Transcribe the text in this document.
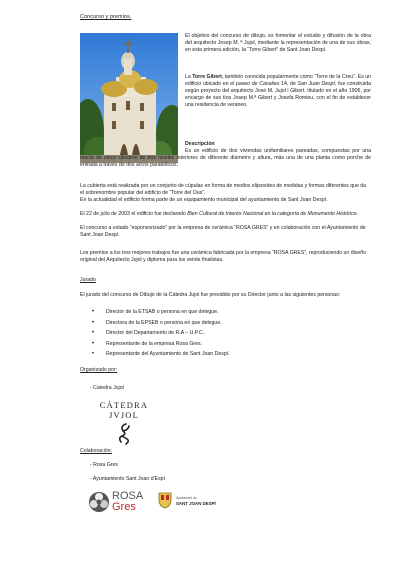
Concurso y premios.

El objetivo del concurso de dibujo, es fomentar el estudio y difusión de la obra del arquitecto Josep M. ª Jujol, mediante la representación de una de sus obras, en esta primera edición, la “Torre Gibert” de Sant Joan Despí.

La Torre Gibert, también conocida popularmente como “Torre de la Creu”. Es un edificio ubicado en el paseo de Canalies 14, de San Juan Despí, fue construida según proyecto del arquitecto José M. Jujol i Gibert, titulado en el año 1906, por encargo de sus tíos Josep M.ª Gibert y Josefa Romieu, con el fin de establecer una residencia de veraneo.

Descripción

Es un edificio de dos viviendas unifamiliares pareadas, compuestas por una macla de cinco cilindros de dos niveles interiores de diferente diámetro y altura, más una de una planta como porche de entrada a través de dos arcos parabólicos.

La cubierta está realizada por un conjunto de cúpulas en forma de medios elipsoides de medidas y formas diferentes que da el sobrenombre popular del edificio de “Torre del Ous”.

En la actualidad el edificio forma parte de un equipamiento municipal del ayuntamiento de Sant Joan Despí.

El 22 de julio de 2003 el edificio fue declarado Bien Cultural de Interés Nacional en la categoría de Monumento Histórico.

El concurso a estado “esponsorizado” por la empresa de cerámica “ROSA GRES” y en colaboración con el Ayuntamiento de Sant Joan Despí.

Los premios a los tres mejores trabajos fue una cerámica fabricada por la empresa “ROSA GRES”, reproduciendo un diseño original del Arquitecto Jujol y diploma para los veinte finalistas.

Jurado

El jurado del concurso de Dibujo de la Cátedra Jujol fue presidido por su Director junto a las siguientes personas:

• Director de la ETSAB o persona en que delegue.
• Directora de la EPSEB o persona en que delegue.
• Director del Departamento de R.A – U.P.C.
• Representante de la empresa Rosa Gres.
• Representante del Ayuntamiento de Sant Joan Despí.
Organizado por:
- Catedra Jujol
CÀTEDRA
JVJOL
Colaboración:
- Rosa Gres
- Ayuntamiento Sant Joan d'Espí
ROSA
Gres
Ajuntament de
SANT JOAN DESPÍ
